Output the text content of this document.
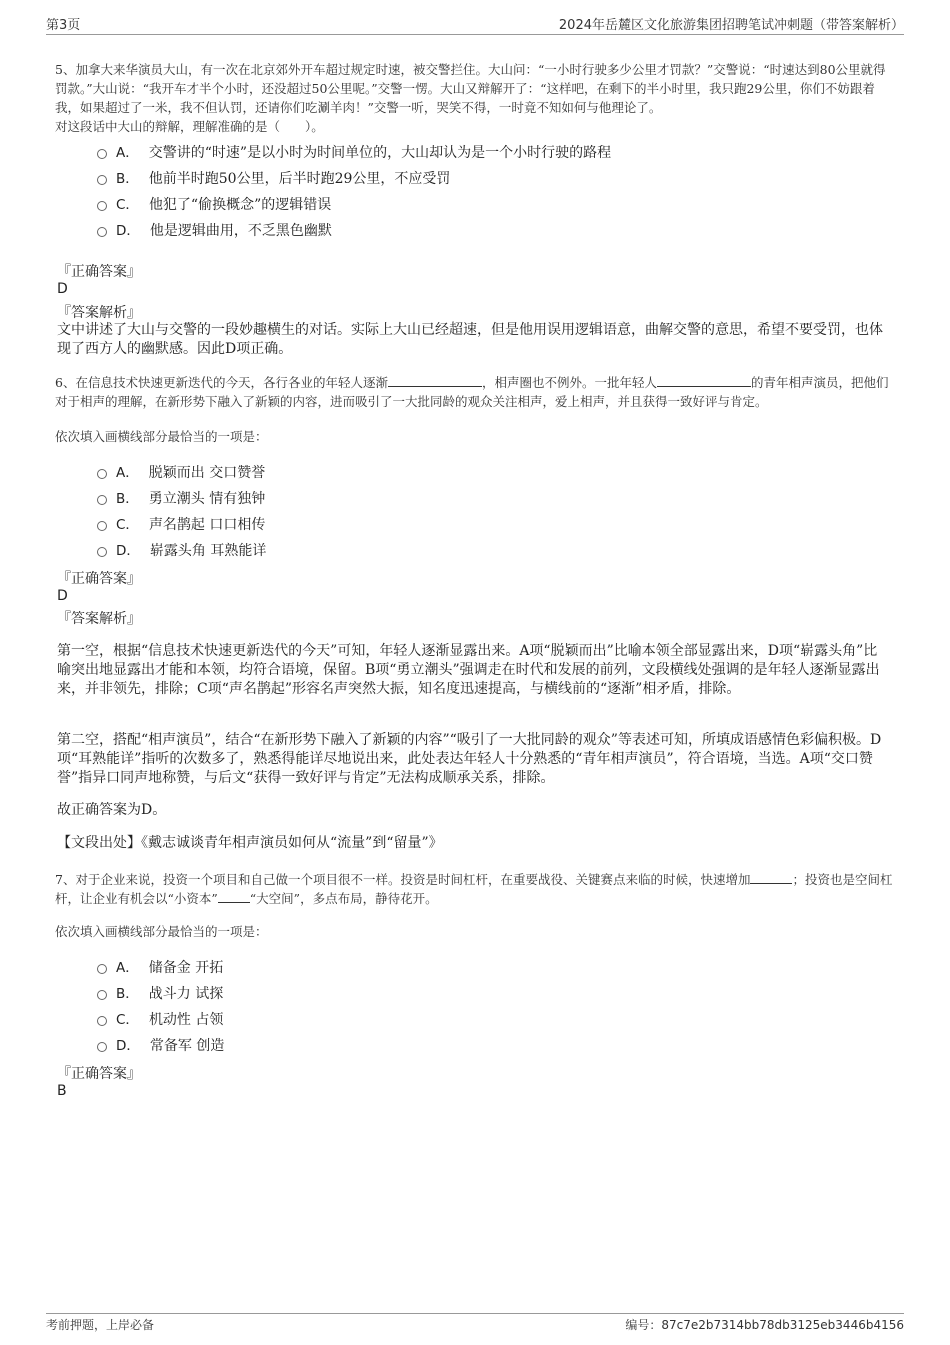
第3页	2024年岳麓区文化旅游集团招聘笔试冲刺题（带答案解析）
5、加拿大来华演员大山，有一次在北京郊外开车超过规定时速，被交警拦住。大山问：“一小时行驶多少公里才罚款？”交警说：“时速达到80公里就得罚款。”大山说：“我开车才半个小时，还没超过50公里呢。”交警一愣。大山又辩解开了：“这样吧，在剩下的半小时里，我只跑29公里，你们不妨跟着我，如果超过了一米，我不但认罚，还请你们吃涮羊肉！”交警一听，哭笑不得，一时竟不知如何与他理论了。
对这段话中大山的辩解，理解准确的是（　　）。
A． 交警讲的“时速”是以小时为时间单位的，大山却认为是一个小时行驶的路程
B． 他前半时跑50公里，后半时跑29公里，不应受罚
C． 他犯了“偷换概念”的逻辑错误
D． 他是逻辑曲用，不乏黑色幽默
『正确答案』
D
『答案解析』
文中讲述了大山与交警的一段妙趣横生的对话。实际上大山已经超速，但是他用误用逻辑语意，曲解交警的意思，希望不要受罚，也体现了西方人的幽默感。因此D项正确。
6、在信息技术快速更新迭代的今天，各行各业的年轻人逐渐	，相声圈也不例外。一批年轻人	的青年相声演员，把他们对于相声的理解，在新形势下融入了新颖的内容，进而吸引了一大批同龄的观众关注相声，爱上相声，并且获得一致好评与肯定。
依次填入画横线部分最恰当的一项是：
A． 脱颖而出 交口赞誉
B． 勇立潮头 情有独钟
C． 声名鹊起 口口相传
D． 崭露头角 耳熟能详
『正确答案』
D
『答案解析』
第一空，根据“信息技术快速更新迭代的今天”可知，年轻人逐渐显露出来。A项“脱颖而出”比喻本领全部显露出来，D项“崭露头角”比喻突出地显露出才能和本领，均符合语境，保留。B项“勇立潮头”强调走在时代和发展的前列，文段横线处强调的是年轻人逐渐显露出来，并非领先，排除；C项“声名鹊起”形容名声突然大振，知名度迅速提高，与横线前的“逐渐”相矛盾，排除。
第二空，搭配“相声演员”，结合“在新形势下融入了新颖的内容”“吸引了一大批同龄的观众”等表述可知，所填成语感情色彩偏积极。D项“耳熟能详”指听的次数多了，熟悉得能详尽地说出来，此处表达年轻人十分熟悉的“青年相声演员”，符合语境，当选。A项“交口赞誉”指异口同声地称赞，与后文“获得一致好评与肯定”无法构成顺承关系，排除。
故正确答案为D。
【文段出处】《戴志诚谈青年相声演员如何从“流量”到“留量”》
7、对于企业来说，投资一个项目和自己做一个项目很不一样。投资是时间杠杆，在重要战役、关键赛点来临的时候，快速增加	；投资也是空间杠杆，让企业有机会以“小资本”	“大空间”，多点布局，静待花开。
依次填入画横线部分最恰当的一项是：
A． 储备金 开拓
B． 战斗力 试探
C． 机动性 占领
D． 常备军 创造
『正确答案』
B
考前押题，上岸必备	编号：87c7e2b7314bb78db3125eb3446b4156
